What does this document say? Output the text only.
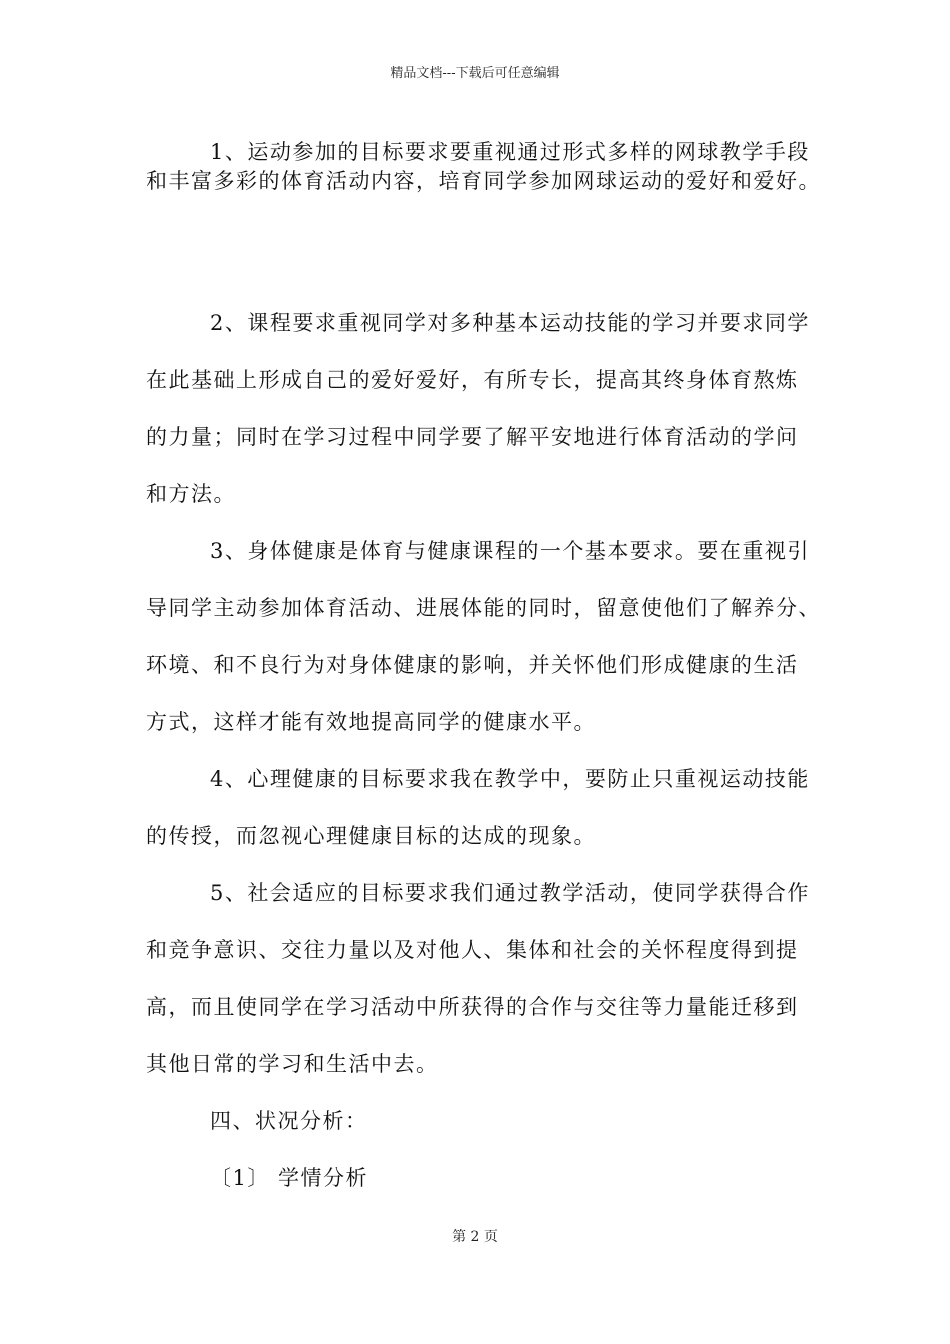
精品文档---下载后可任意编辑
1、运动参加的目标要求要重视通过形式多样的网球教学手段
和丰富多彩的体育活动内容，培育同学参加网球运动的爱好和爱好。
2、课程要求重视同学对多种基本运动技能的学习并要求同学
在此基础上形成自己的爱好爱好，有所专长，提高其终身体育熬炼
的力量；同时在学习过程中同学要了解平安地进行体育活动的学问
和方法。
3、身体健康是体育与健康课程的一个基本要求。要在重视引
导同学主动参加体育活动、进展体能的同时，留意使他们了解养分、
环境、和不良行为对身体健康的影响，并关怀他们形成健康的生活
方式，这样才能有效地提高同学的健康水平。
4、心理健康的目标要求我在教学中，要防止只重视运动技能
的传授，而忽视心理健康目标的达成的现象。
5、社会适应的目标要求我们通过教学活动，使同学获得合作
和竞争意识、交往力量以及对他人、集体和社会的关怀程度得到提
高，而且使同学在学习活动中所获得的合作与交往等力量能迁移到
其他日常的学习和生活中去。
四、状况分析：
〔1〕 学情分析
第 2 页
